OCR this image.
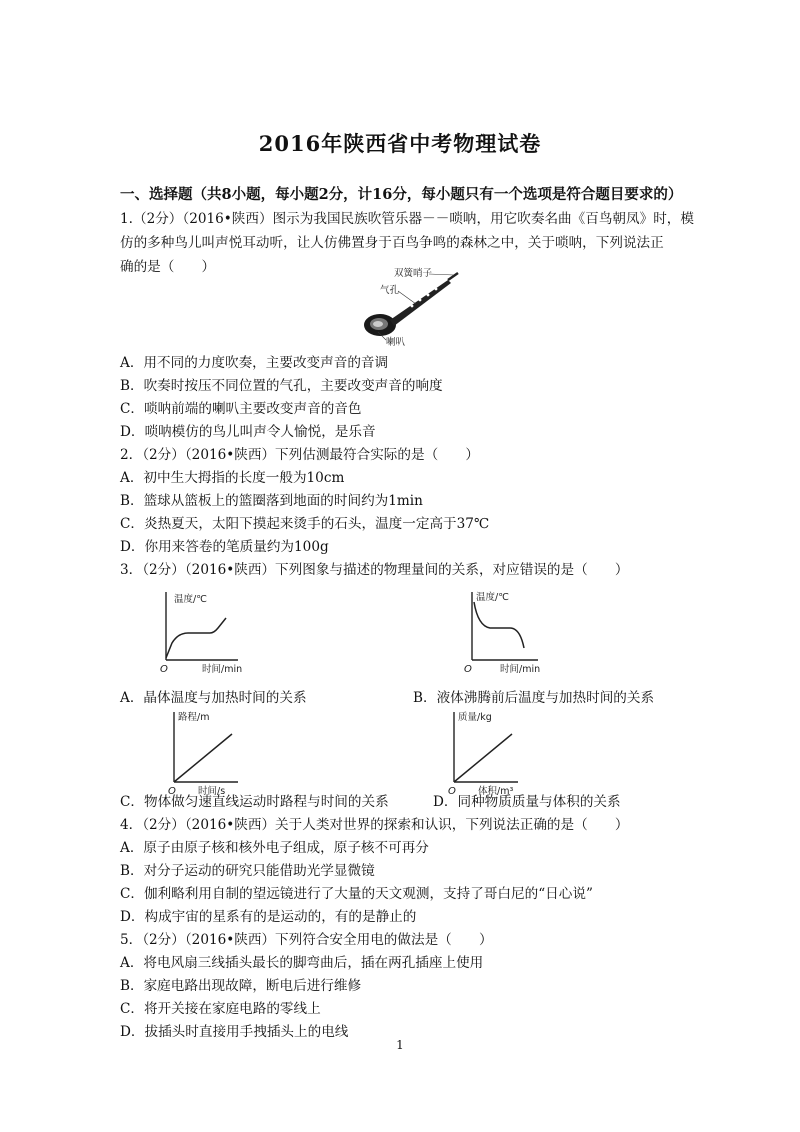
2016年陕西省中考物理试卷
一、选择题（共8小题，每小题2分，计16分，每小题只有一个选项是符合题目要求的）
1.（2分）（2016•陕西）图示为我国民族吹管乐器－－唢呐，用它吹奏名曲《百鸟朝凤》时，模
仿的多种鸟儿叫声悦耳动听，让人仿佛置身于百鸟争鸣的森林之中，关于唢呐，下列说法正
确的是（　　）	双簧哨子
气孔
喇叭
A．用不同的力度吹奏，主要改变声音的音调
B．吹奏时按压不同位置的气孔，主要改变声音的响度
C．唢呐前端的喇叭主要改变声音的音色
D．唢呐模仿的鸟儿叫声令人愉悦，是乐音
2．（2分）（2016•陕西）下列估测最符合实际的是（　　）
A．初中生大拇指的长度一般为10cm
B．篮球从篮板上的篮圈落到地面的时间约为1min
C．炎热夏天，太阳下摸起来烫手的石头，温度一定高于37℃
D．你用来答卷的笔质量约为100g
3．（2分）（2016•陕西）下列图象与描述的物理量间的关系，对应错误的是（　　）
温度/℃
时间/min
O
温度/℃
时间/min
O
A．晶体温度与加热时间的关系	B．液体沸腾前后温度与加热时间的关系
路程/m
时间/s
O
质量/kg
体积/m³
O
C．物体做匀速直线运动时路程与时间的关系	D．同种物质质量与体积的关系
4．（2分）（2016•陕西）关于人类对世界的探索和认识，下列说法正确的是（　　）
A．原子由原子核和核外电子组成，原子核不可再分
B．对分子运动的研究只能借助光学显微镜
C．伽利略利用自制的望远镜进行了大量的天文观测，支持了哥白尼的“日心说”
D．构成宇宙的星系有的是运动的，有的是静止的
5．（2分）（2016•陕西）下列符合安全用电的做法是（　　）
A．将电风扇三线插头最长的脚弯曲后，插在两孔插座上使用
B．家庭电路出现故障，断电后进行维修
C．将开关接在家庭电路的零线上
D．拔插头时直接用手拽插头上的电线
1
